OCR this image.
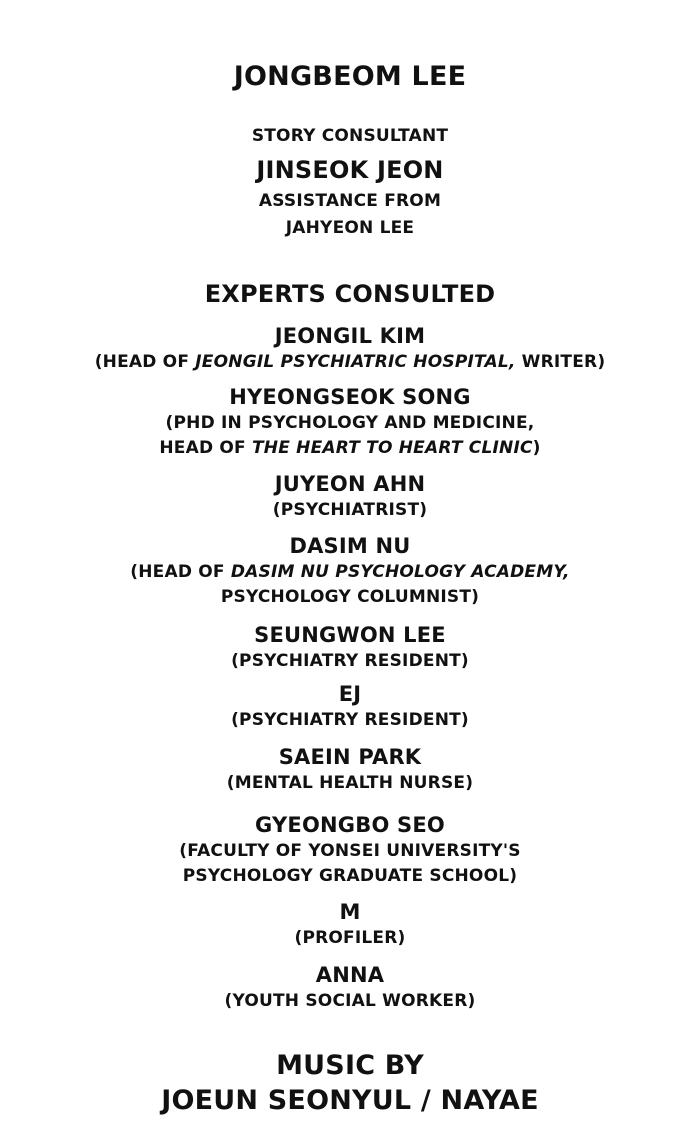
JONGBEOM LEE
STORY CONSULTANT
JINSEOK JEON
ASSISTANCE FROM
JAHYEON LEE
EXPERTS CONSULTED
JEONGIL KIM
(HEAD OF JEONGIL PSYCHIATRIC HOSPITAL, WRITER)
HYEONGSEOK SONG
(PHD IN PSYCHOLOGY AND MEDICINE,
HEAD OF THE HEART TO HEART CLINIC)
JUYEON AHN
(PSYCHIATRIST)
DASIM NU
(HEAD OF DASIM NU PSYCHOLOGY ACADEMY,
PSYCHOLOGY COLUMNIST)
SEUNGWON LEE
(PSYCHIATRY RESIDENT)
EJ
(PSYCHIATRY RESIDENT)
SAEIN PARK
(MENTAL HEALTH NURSE)
GYEONGBO SEO
(FACULTY OF YONSEI UNIVERSITY'S
PSYCHOLOGY GRADUATE SCHOOL)
M
(PROFILER)
ANNA
(YOUTH SOCIAL WORKER)
MUSIC BY
JOEUN SEONYUL / NAYAE
